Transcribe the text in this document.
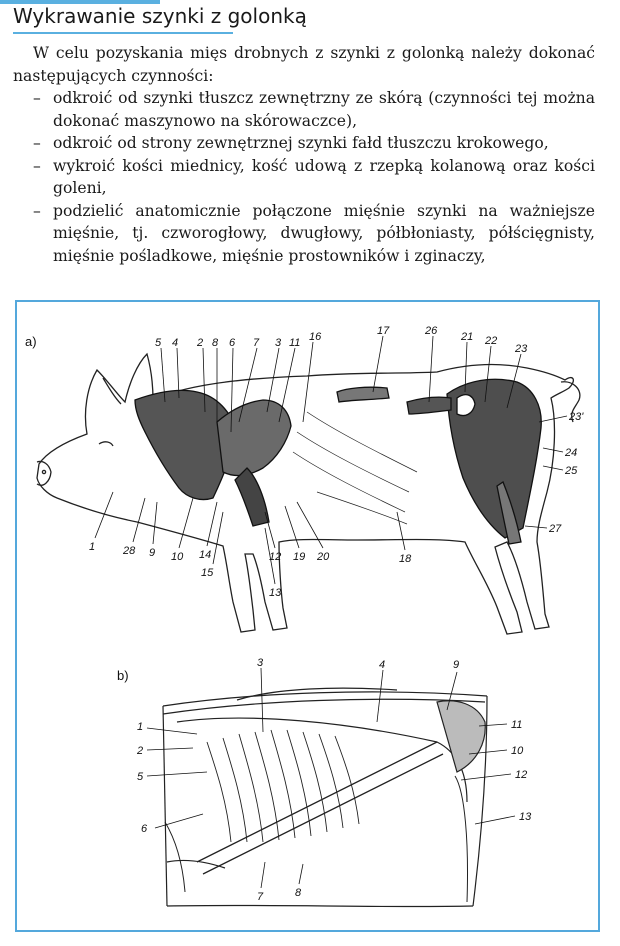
Wykrawanie szynki z golonką

W celu pozyskania mięs drobnych z szynki z golonką należy dokonać następujących czynności:

– odkroić od szynki tłuszcz zewnętrzny ze skórą (czynności tej można dokonać maszynowo na skórowaczce),
– odkroić od strony zewnętrznej szynki fałd tłuszczu krokowego,
– wykroić kości miednicy, kość udową z rzepką kolanową oraz kości goleni,
– podzielić anatomicznie połączone mięśnie szynki na ważniejsze mięśnie, tj. czworogłowy, dwugłowy, półbłoniasty, półścięgnisty, mięśnie pośladkowe, mięśnie prostowników i zginaczy,
a)	5 4 2 8 6 7 3 11 16	17	26 21 22
23
23'
24
25
27
1	28 9 10 14
15
12
13
19 20	18
b)
3	4	9
1
2
5
6
7	8
11
10
12
13
